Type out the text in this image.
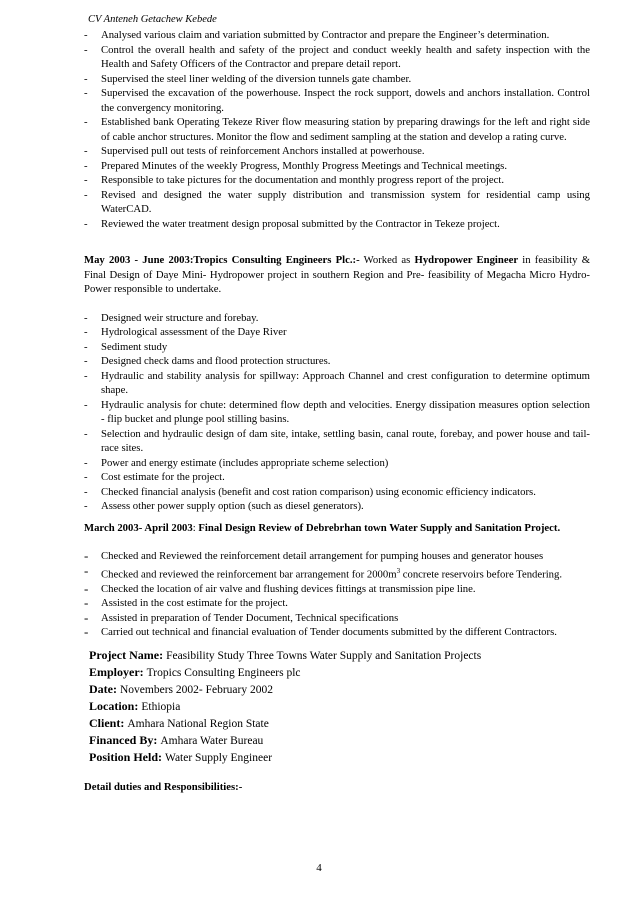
CV Anteneh Getachew Kebede
- Analysed various claim and variation submitted by Contractor and prepare the Engineer’s determination.
- Control the overall health and safety of the project and conduct weekly health and safety inspection with the Health and Safety Officers of the Contractor and prepare detail report.
- Supervised the steel liner welding of the diversion tunnels gate chamber.
- Supervised the excavation of the powerhouse. Inspect the rock support, dowels and anchors installation. Control the convergency monitoring.
- Established bank Operating Tekeze River flow measuring station by preparing drawings for the left and right side of cable anchor structures. Monitor the flow and sediment sampling at the station and develop a rating curve.
- Supervised pull out tests of reinforcement Anchors installed at powerhouse.
- Prepared Minutes of the weekly Progress, Monthly Progress Meetings and Technical meetings.
- Responsible to take pictures for the documentation and monthly progress report of the project.
- Revised and designed the water supply distribution and transmission system for residential camp using WaterCAD.
- Reviewed the water treatment design proposal submitted by the Contractor in Tekeze project.

May 2003 - June 2003:Tropics Consulting Engineers Plc.:- Worked as Hydropower Engineer in feasibility & Final Design of Daye Mini- Hydropower project in southern Region and Pre- feasibility of Megacha Micro Hydro-Power responsible to undertake.

- Designed weir structure and forebay.
- Hydrological assessment of the Daye River
- Sediment study
- Designed check dams and flood protection structures.
- Hydraulic and stability analysis for spillway: Approach Channel and crest configuration to determine optimum shape.
- Hydraulic analysis for chute: determined flow depth and velocities. Energy dissipation measures option selection - flip bucket and plunge pool stilling basins.
- Selection and hydraulic design of dam site, intake, settling basin, canal route, forebay, and power house and tail-race sites.
- Power and energy estimate (includes appropriate scheme selection)
- Cost estimate for the project.
- Checked financial analysis (benefit and cost ration comparison) using economic efficiency indicators.
- Assess other power supply option (such as diesel generators).

March 2003- April 2003: Final Design Review of Debrebrhan town Water Supply and Sanitation Project.

- Checked and Reviewed the reinforcement detail arrangement for pumping houses and generator houses
- Checked and reviewed the reinforcement bar arrangement for $2000m^3$ concrete reservoirs before Tendering.
- Checked the location of air valve and flushing devices fittings at transmission pipe line.
- Assisted in the cost estimate for the project.
- Assisted in preparation of Tender Document, Technical specifications
- Carried out technical and financial evaluation of Tender documents submitted by the different Contractors.
Project Name: Feasibility Study Three Towns Water Supply and Sanitation Projects
Employer: Tropics Consulting Engineers plc
Date: Novembers 2002- February 2002
Location: Ethiopia
Client: Amhara National Region State
Financed By: Amhara Water Bureau
Position Held: Water Supply Engineer
Detail duties and Responsibilities:-
4
